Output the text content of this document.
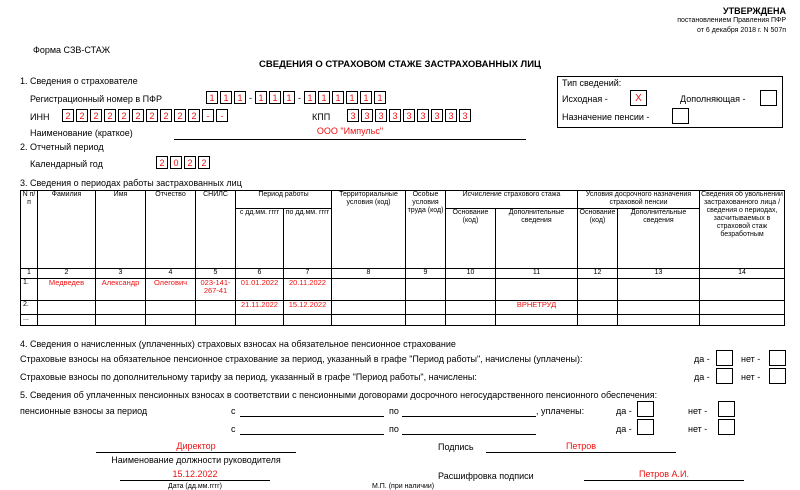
УТВЕРЖДЕНА
постановлением Правления ПФР
от 6 декабря 2018 г. N 507п
Форма СЗВ-СТАЖ
СВЕДЕНИЯ О СТРАХОВОМ СТАЖЕ ЗАСТРАХОВАННЫХ ЛИЦ
1. Сведения о страхователе
Регистрационный номер в ПФР	1 1 1 - 1 1 1 - 1 1 1 1 1 1
ИНН	2 2 2 2 2 2 2 2 2 2	-	-	КПП	3 3 3 3 3 3 3 3 3
Наименование (краткое)	ООО "Импульс"
Тип сведений:
Исходная -	X	Дополняющая -
Назначение пенсии -
2. Отчетный период
Календарный год	2 0 2 2
3. Сведения о периодах работы застрахованных лиц
N п/п	Фамилия	Имя	Отчество	СНИЛС	Период работы		Территориальные условия (код)	Особые условия труда (код)	Исчисление страхового стажа		Условия досрочного назначения страховой пенсии		Сведения об увольнении застрахованного лица / сведения о периодах, засчитываемых в страховой стаж безработным
					с дд.мм. гггг	по дд.мм. гггг			Основание (код)	Дополнительные сведения	Основание (код)	Дополнительные сведения	
1	2	3	4	5	6	7	8	9	10	11	12	13	14
1.	Медведев	Александр	Олегович	023-141-267-41	01.01.2022	20.11.2022							
2.					21.11.2022	15.12.2022				ВРНЕТРУД			
...													
4. Сведения о начисленных (уплаченных) страховых взносах на обязательное пенсионное страхование
Страховые взносы на обязательное пенсионное страхование за период, указанный в графе "Период работы", начислены (уплачены):	да -	нет -
Страховые взносы по дополнительному тарифу за период, указанный в графе "Период работы", начислены:	да -	нет -
5. Сведения об уплаченных пенсионных взносах в соответствии с пенсионными договорами досрочного негосударственного пенсионного обеспечения:
пенсионные взносы за период	с	по	, уплачены:	да -	нет -
с	по	да -	нет -
Директор
Наименование должности руководителя
Подпись	Петров
15.12.2022
Дата (дд.мм.гггг)
Расшифровка подписи	Петров А.И.
М.П. (при наличии)
